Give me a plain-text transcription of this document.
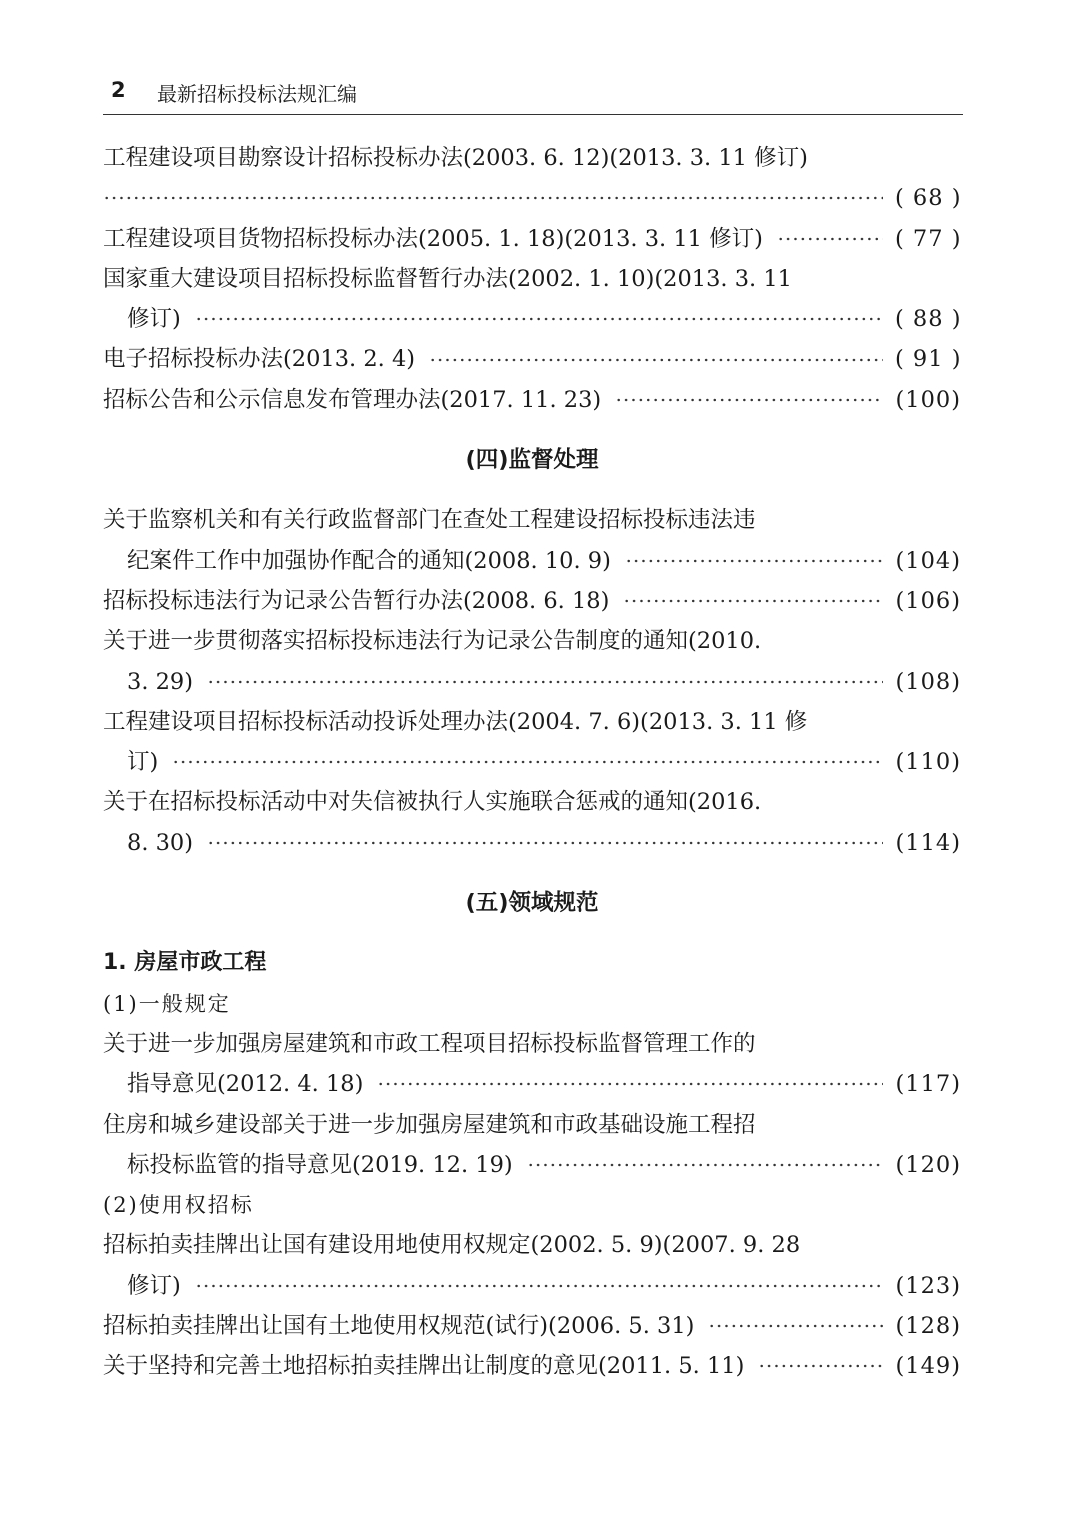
2 最新招标投标法规汇编
工程建设项目勘察设计招标投标办法(2003. 6. 12)(2013. 3. 11 修订)
( 68 )
工程建设项目货物招标投标办法(2005. 1. 18)(2013. 3. 11 修订)	( 77 )
国家重大建设项目招标投标监督暂行办法(2002. 1. 10)(2013. 3. 11
修订)	( 88 )
电子招标投标办法(2013. 2. 4)	( 91 )
招标公告和公示信息发布管理办法(2017. 11. 23)	(100)
(四)监督处理
关于监察机关和有关行政监督部门在查处工程建设招标投标违法违
纪案件工作中加强协作配合的通知(2008. 10. 9)	(104)
招标投标违法行为记录公告暂行办法(2008. 6. 18)	(106)
关于进一步贯彻落实招标投标违法行为记录公告制度的通知(2010.
3. 29)	(108)
工程建设项目招标投标活动投诉处理办法(2004. 7. 6)(2013. 3. 11 修
订)	(110)
关于在招标投标活动中对失信被执行人实施联合惩戒的通知(2016.
8. 30)	(114)
(五)领域规范
1. 房屋市政工程
(1)一般规定
关于进一步加强房屋建筑和市政工程项目招标投标监督管理工作的
指导意见(2012. 4. 18)	(117)
住房和城乡建设部关于进一步加强房屋建筑和市政基础设施工程招
标投标监管的指导意见(2019. 12. 19)	(120)
(2)使用权招标
招标拍卖挂牌出让国有建设用地使用权规定(2002. 5. 9)(2007. 9. 28
修订)	(123)
招标拍卖挂牌出让国有土地使用权规范(试行)(2006. 5. 31)	(128)
关于坚持和完善土地招标拍卖挂牌出让制度的意见(2011. 5. 11)	(149)
